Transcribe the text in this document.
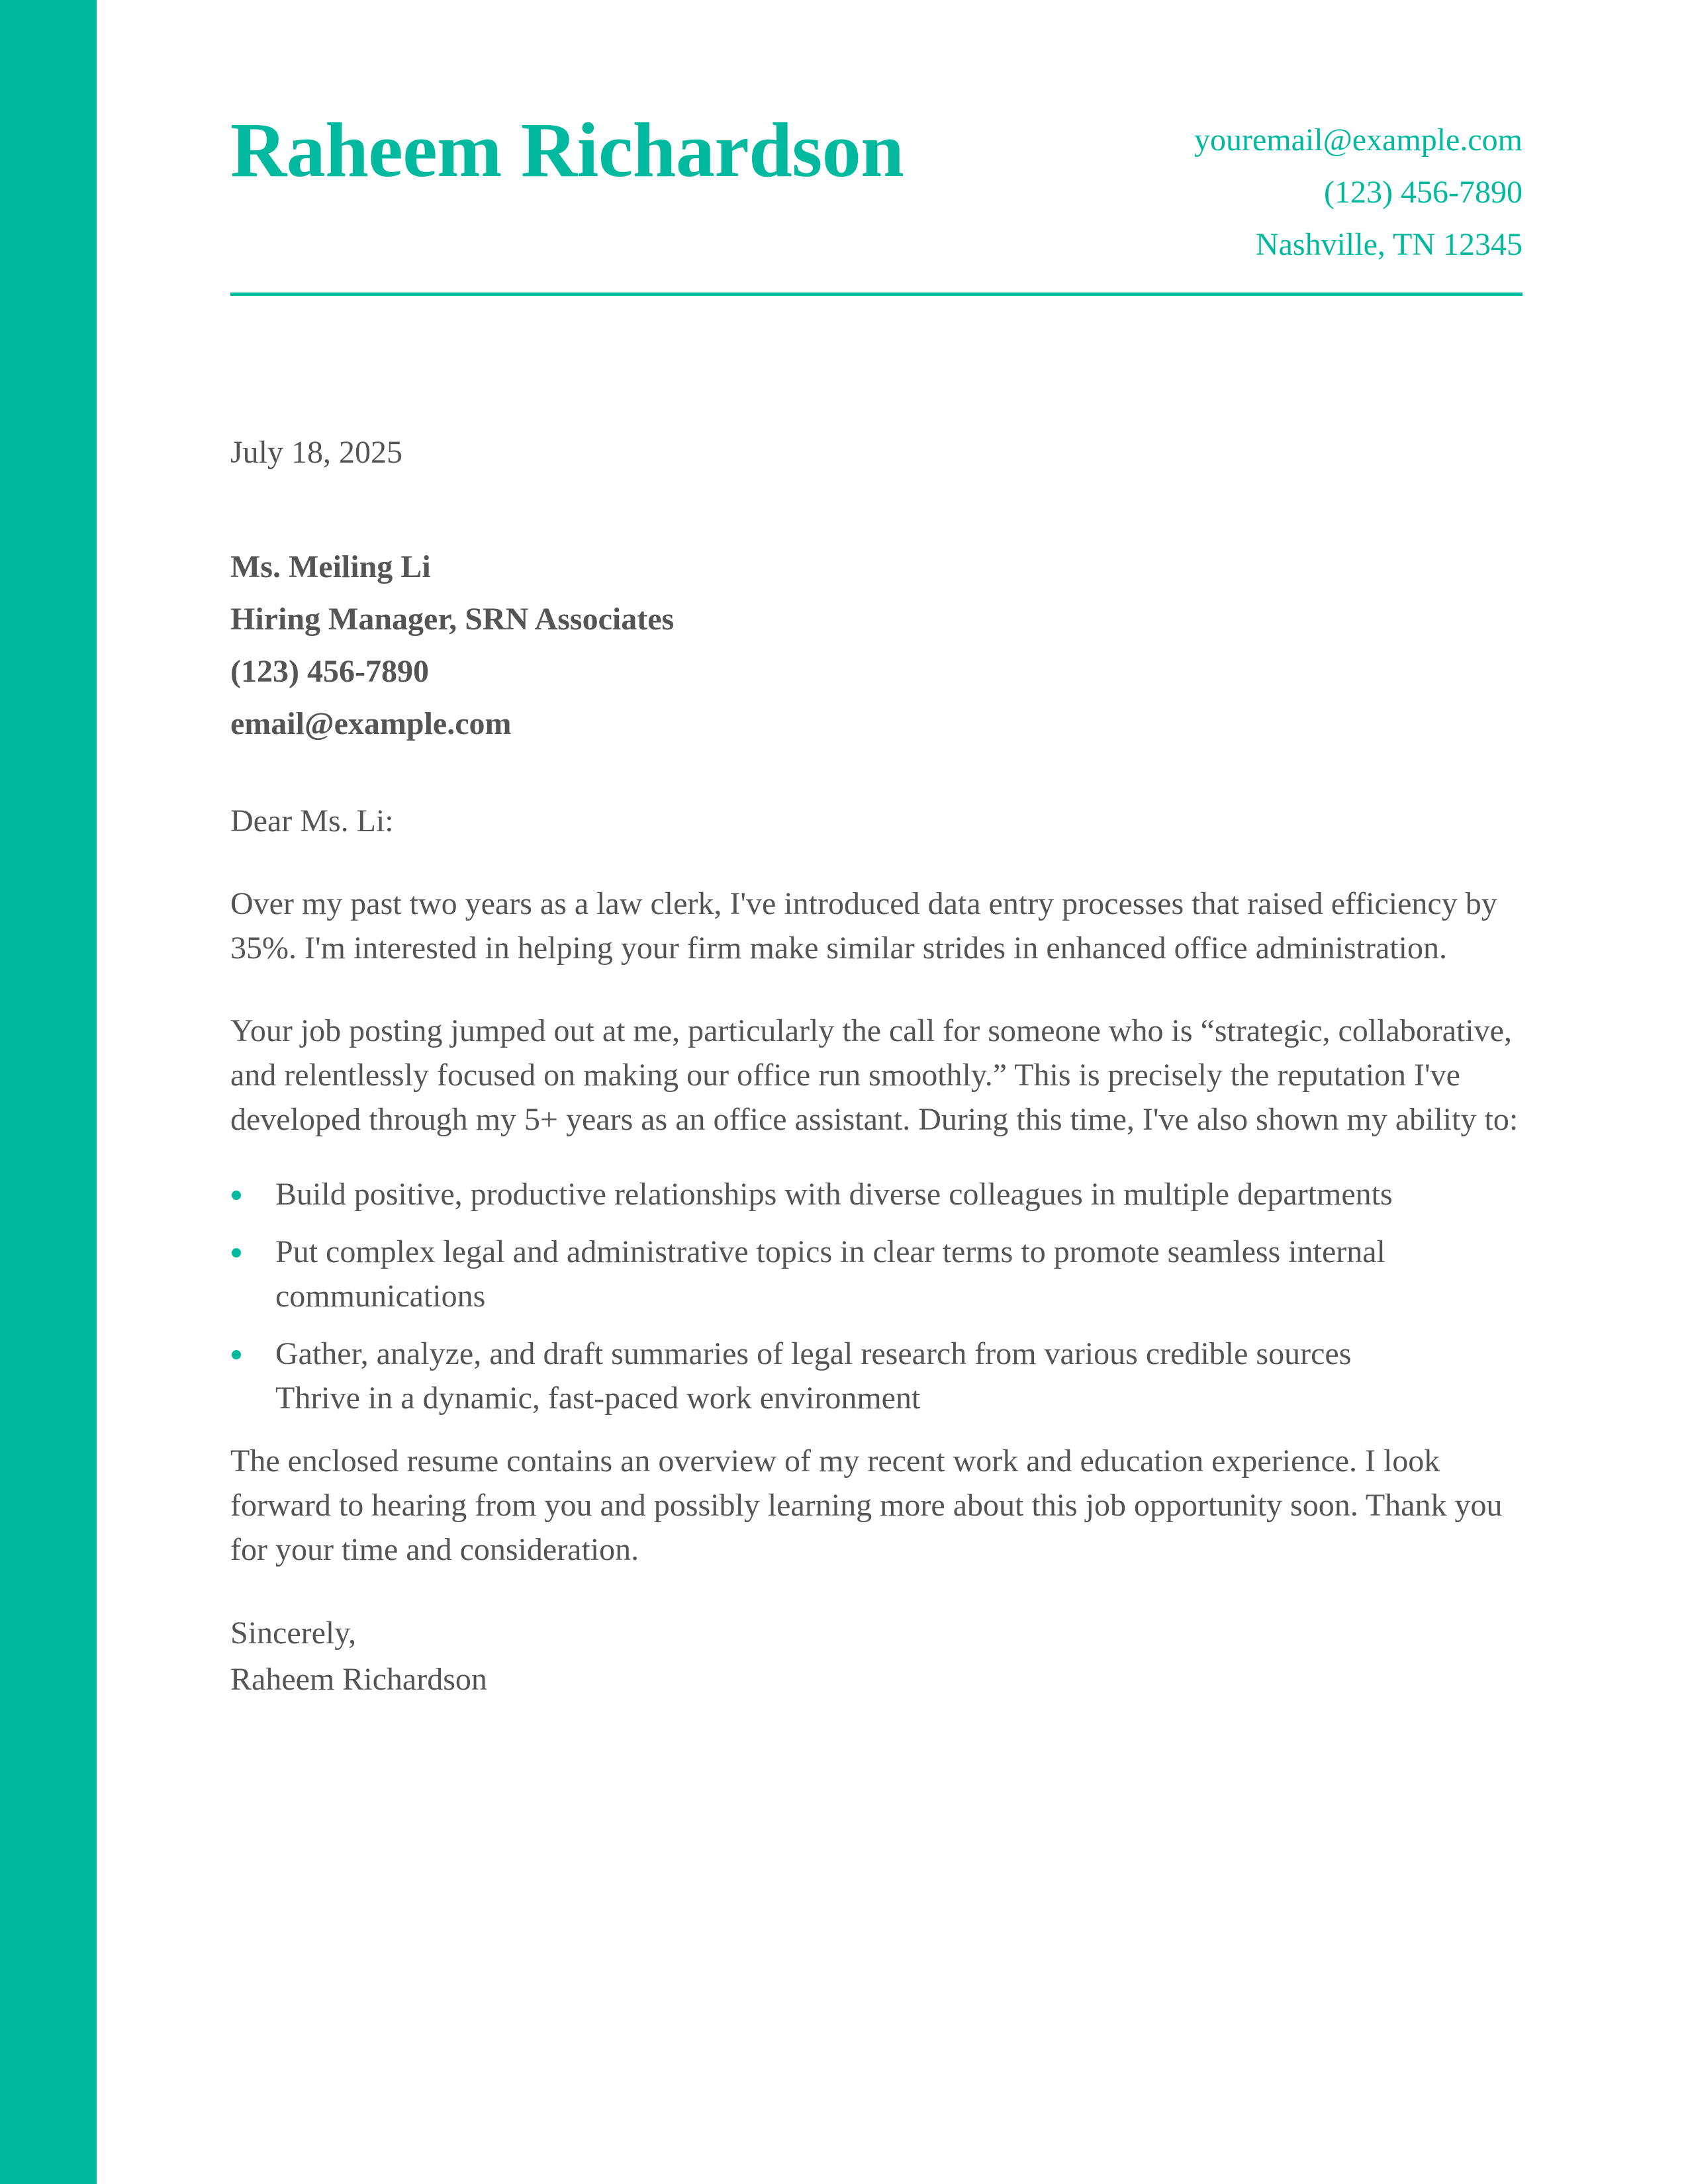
Raheem Richardson	youremail@example.com
(123) 456-7890
Nashville, TN 12345
July 18, 2025
Ms. Meiling Li
Hiring Manager, SRN Associates
(123) 456-7890
email@example.com

Dear Ms. Li:

Over my past two years as a law clerk, I've introduced data entry processes that raised efficiency by 35%. I'm interested in helping your firm make similar strides in enhanced office administration.

Your job posting jumped out at me, particularly the call for someone who is “strategic, collaborative, and relentlessly focused on making our office run smoothly.” This is precisely the reputation I've developed through my 5+ years as an office assistant. During this time, I've also shown my ability to:

Build positive, productive relationships with diverse colleagues in multiple departments
Put complex legal and administrative topics in clear terms to promote seamless internal communications
Gather, analyze, and draft summaries of legal research from various credible sources
Thrive in a dynamic, fast-paced work environment

The enclosed resume contains an overview of my recent work and education experience. I look forward to hearing from you and possibly learning more about this job opportunity soon. Thank you for your time and consideration.

Sincerely,
Raheem Richardson
